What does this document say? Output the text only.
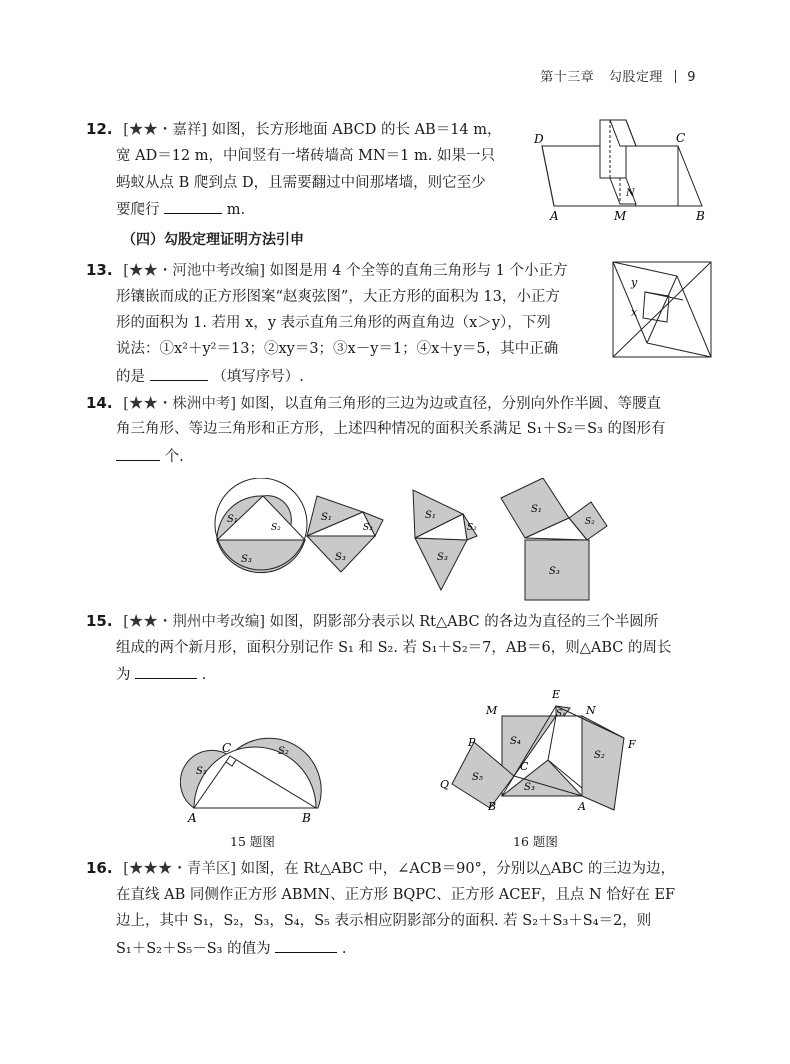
第十三章 勾股定理 9
12. [★★・嘉祥] 如图，长方形地面 ABCD 的长 AB＝14 m，
宽 AD＝12 m，中间竖有一堵砖墙高 MN＝1 m. 如果一只
蚂蚁从点 B 爬到点 D，且需要翻过中间那堵墙，则它至少
要爬行	m.
D	C
A	M	B
N
（四）勾股定理证明方法引申
13. [★★・河池中考改编] 如图是用 4 个全等的直角三角形与 1 个小正方
形镶嵌而成的正方形图案“赵爽弦图”，大正方形的面积为 13，小正方
形的面积为 1. 若用 x，y 表示直角三角形的两直角边（x＞y），下列
说法：①x²＋y²＝13；②xy＝3；③x－y＝1；④x＋y＝5，其中正确
的是	（填写序号）.
y
x
14. [★★・株洲中考] 如图，以直角三角形的三边为边或直径，分别向外作半圆、等腰直
角三角形、等边三角形和正方形，上述四种情况的面积关系满足 S₁＋S₂＝S₃ 的图形有
个.
S₁
S₂
S₃
S₁
S₂
S₃
S₁
S₂
S₃
S₁
S₂
S₃
15. [★★・荆州中考改编] 如图，阴影部分表示以 Rt△ABC 的各边为直径的三个半圆所
组成的两个新月形，面积分别记作 S₁ 和 S₂. 若 S₁＋S₂＝7，AB＝6，则△ABC 的周长
为	.
A	B
C
S₁
S₂
15 题图
E
M	S₁ N
P	S₄	F
S₂
Q
S₅
C
S₃
B	A
16 题图
16. [★★★・青羊区] 如图，在 Rt△ABC 中，∠ACB＝90°，分别以△ABC 的三边为边，
在直线 AB 同侧作正方形 ABMN、正方形 BQPC、正方形 ACEF，且点 N 恰好在 EF
边上，其中 S₁，S₂，S₃，S₄，S₅ 表示相应阴影部分的面积. 若 S₂＋S₃＋S₄＝2，则
S₁＋S₂＋S₅－S₃ 的值为	.
